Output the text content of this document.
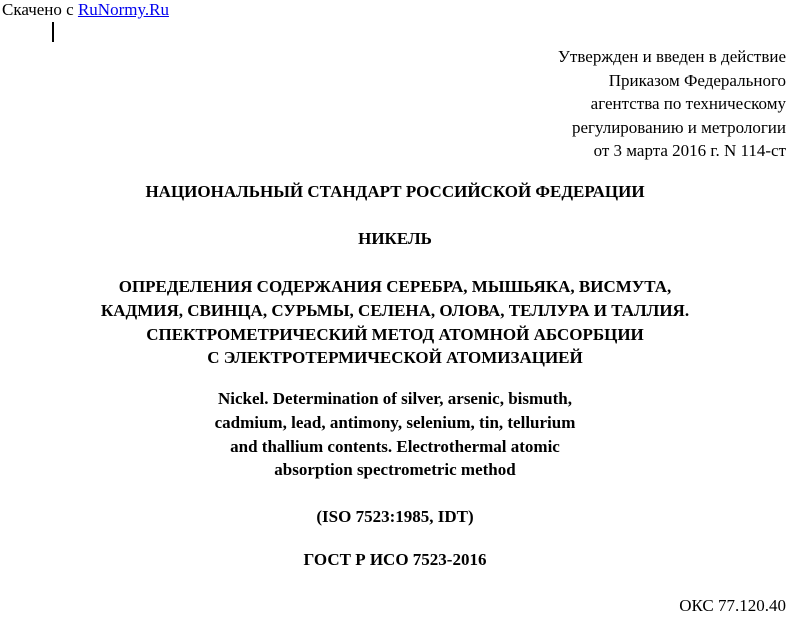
Скачено с RuNormy.Ru
Утвержден и введен в действие
Приказом Федерального
агентства по техническому
регулированию и метрологии
от 3 марта 2016 г. N 114-ст
НАЦИОНАЛЬНЫЙ СТАНДАРТ РОССИЙСКОЙ ФЕДЕРАЦИИ
НИКЕЛЬ
ОПРЕДЕЛЕНИЯ СОДЕРЖАНИЯ СЕРЕБРА, МЫШЬЯКА, ВИСМУТА,
КАДМИЯ, СВИНЦА, СУРЬМЫ, СЕЛЕНА, ОЛОВА, ТЕЛЛУРА И ТАЛЛИЯ.
СПЕКТРОМЕТРИЧЕСКИЙ МЕТОД АТОМНОЙ АБСОРБЦИИ
С ЭЛЕКТРОТЕРМИЧЕСКОЙ АТОМИЗАЦИЕЙ
Nickel. Determination of silver, arsenic, bismuth,
cadmium, lead, antimony, selenium, tin, tellurium
and thallium contents. Electrothermal atomic
absorption spectrometric method
(ISO 7523:1985, IDT)
ГОСТ Р ИСО 7523-2016
ОКС 77.120.40
